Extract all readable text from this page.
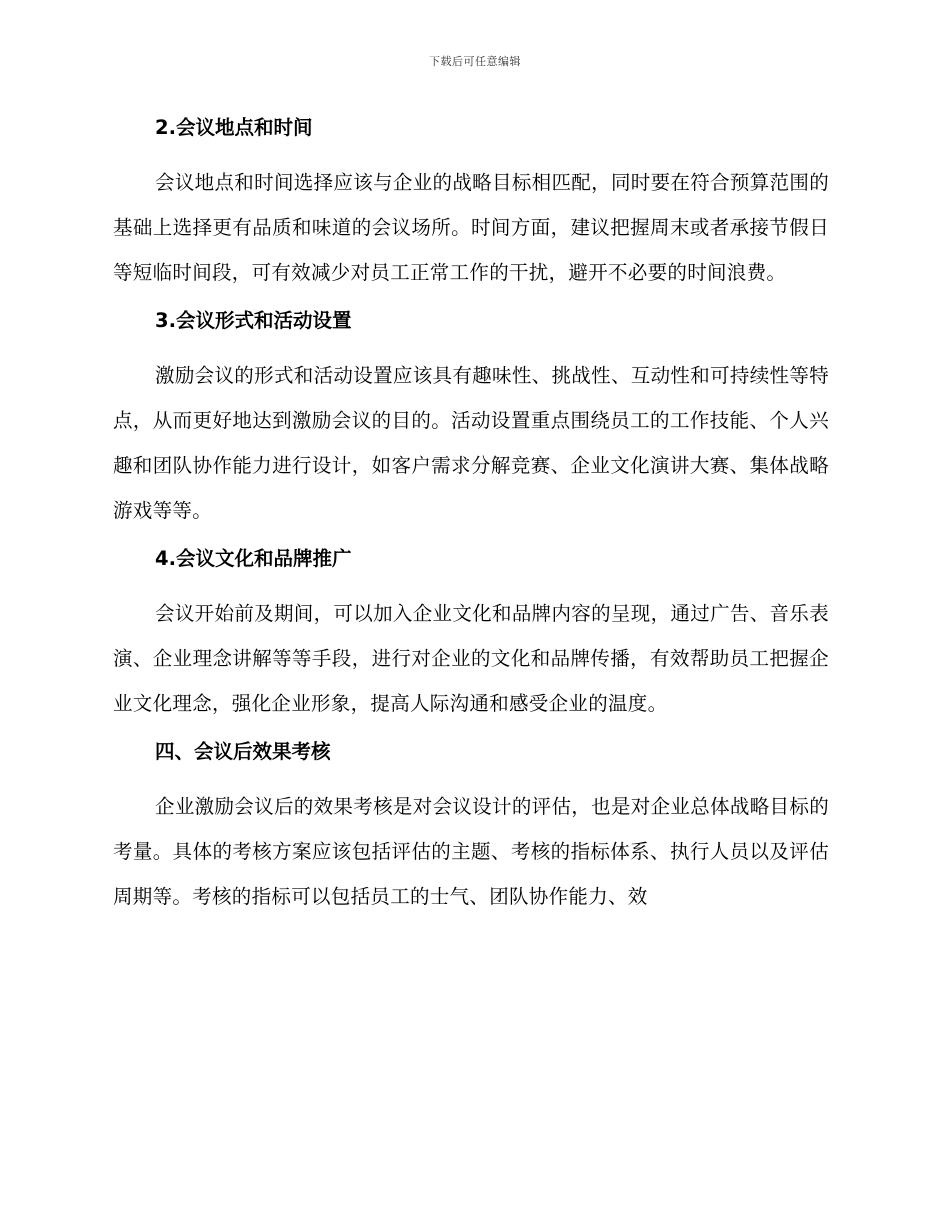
下载后可任意编辑
2.会议地点和时间

会议地点和时间选择应该与企业的战略目标相匹配，同时要在符合预算范围的基础上选择更有品质和味道的会议场所。时间方面，建议把握周末或者承接节假日等短临时间段，可有效减少对员工正常工作的干扰，避开不必要的时间浪费。

3.会议形式和活动设置

激励会议的形式和活动设置应该具有趣味性、挑战性、互动性和可持续性等特点，从而更好地达到激励会议的目的。活动设置重点围绕员工的工作技能、个人兴趣和团队协作能力进行设计，如客户需求分解竞赛、企业文化演讲大赛、集体战略游戏等等。

4.会议文化和品牌推广

会议开始前及期间，可以加入企业文化和品牌内容的呈现，通过广告、音乐表演、企业理念讲解等等手段，进行对企业的文化和品牌传播，有效帮助员工把握企业文化理念，强化企业形象，提高人际沟通和感受企业的温度。

四、会议后效果考核

企业激励会议后的效果考核是对会议设计的评估，也是对企业总体战略目标的考量。具体的考核方案应该包括评估的主题、考核的指标体系、执行人员以及评估周期等。考核的指标可以包括员工的士气、团队协作能力、效
